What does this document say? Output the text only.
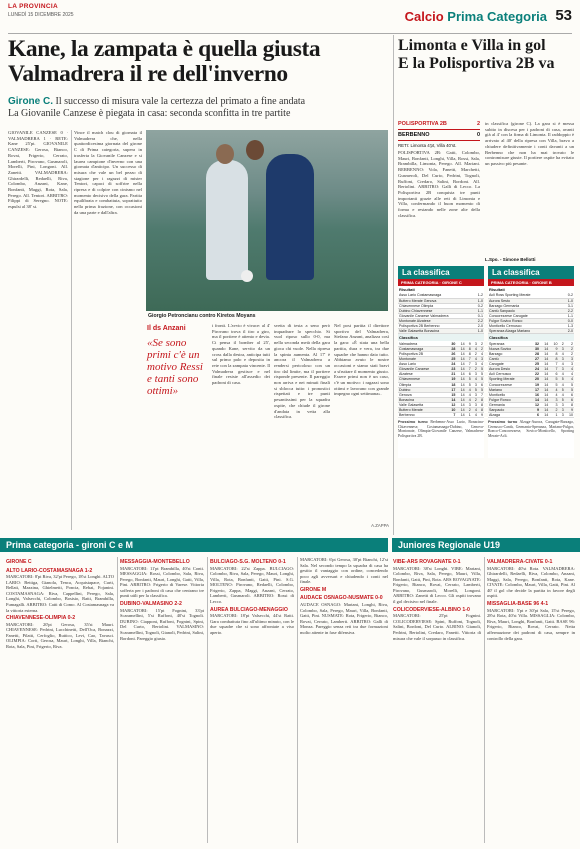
LA PROVINCIA
LUNEDÌ 15 DICEMBRE 2025	Calcio Prima Categoria 53
Kane, la zampata è quella giusta
Valmadrera il re dell'inverno
Girone C. Il successo di misura vale la certezza del primato a fine andata
La Giovanile Canzese è piegata in casa: seconda sconfitta in tre partite
GIOVANILE CANZESE 0 · VALMADRERA 1 · RETE: Kane 25'pt. GIOVANILE CANZESE: Gerosa, Bianco, Rovai, Frigerio, Cerrato, Lamberti, Pirovano, Gusmaroli, Morelli, Pini, Longoni. All. Zanetti. VALMADRERA: Ghirardelli, Redaelli, Riva, Colombo, Anzani, Kane, Bonfanti, Maggi, Rota, Sala, Perego. All. Tentori. ARBITRO: Filippi di Seregno. NOTE: espulsi al 38' st.
Vince il match clou di giornata il Valmadrera che, nella quattordicesima giornata del girone C di Prima categoria, supera in trasferta la Giovanile Canzese e si laurea campione d'inverno con una giornata d'anticipo. Un successo di misura che vale un bel pezzo di stagione per i ragazzi di mister Tentori, capaci di soffrire nella ripresa e di colpire con cinismo nel momento decisivo della gara. Partita equilibrata e combattuta, soprattutto nella prima frazione, con occasioni da una parte e dall'altra.
Giorgio Petroncianu contro Kiretos Moyans
Il ds Anzani
«Se sono primi c'è un motivo Ressi e tanti sono ottimi»
i fronti. L'avvio è vivace: al 4' Pirovano trova il tiro a giro, ma il portiere è attento e devia. Ci pensa il bomber al 25', quando Kane, servito da un cross dalla destra, anticipa tutti sul primo palo e deposita in rete con la zampata vincente. Il Valmadrera gestisce e nel finale resiste all'assedio dei padroni di casa.
svetta di testa a seno però inquadrare lo specchio. Si vuol riposo sullo 0-0, ma nella seconda metà della gara gioca chi vuole. Nella ripresa la spinta aumenta. Al 17' è ancora il Valmadrera a rendersi pericoloso con un tiro dal limite, ma il portiere risponde presente. Il pareggio non arriva e nei minuti finali si sblocca tutto: i pronostici rispettati e tre punti pesantissimi per la squadra ospite, che chiude il girone d'andata in vetta alla classifica.
Nel post partita il direttore sportivo del Valmadrera, Stefano Anzani, analizza così la gara: «È stata una bella partita, dura e vera, tra due squadre che hanno dato tutto. Abbiamo avuto le nostre occasioni e siamo stati bravi a sfruttare il momento giusto. Essere primi non è un caso, c'è un motivo: i ragazzi sono ottimi e lavorano con grande impegno ogni settimana».
A.ZAPPA
Limonta e Villa in gol
E la Polisportiva 2B va
POLISPORTIVA 2B	2
BERBENNO	0
RETI: Limonta 4'pt, Villa 40'st.
POLISPORTIVA 2B: Gatti, Colombo, Mauri, Bonfanti, Longhi, Villa, Rossi, Sala, Brambilla, Limonta, Perego. All. Mariani. BERBENNO: Vola, Fanetti, Marchetti, Gusmeroli, Del Curto, Pedrini, Tognoli, Ruffoni, Credaro, Salini, Bordoni. All. Bertolini. ARBITRO: Galli di Lecco. La Polisportiva 2B conquista tre punti importanti grazie alle reti di Limonta e Villa, confermando il buon momento di forma e restando nelle zone alte della classifica.
in classifica (girone C). La gara si è messa subito in discesa per i padroni di casa, avanti già al 4' con la firma di Limonta. Il raddoppio è arrivato al 40' della ripresa con Villa, bravo a chiudere definitivamente i conti davanti a un Berbenno che non ha mai trovato le contromisure giuste. Il portiere ospite ha evitato un passivo più pesante.
L.Spo. - Simone Bellotti
La classifica
PRIMA CATEGORIA · GIRONE C
Risultati
Asso Lario Costamasnaga	1-2
Buttero Merate Genova	1-0
Chiavennese Olimpia	0-2
Dubino Chiavennese	1-1
Giovanile Canzese Valmadrera	0-1
Montonate Alzatese	2-2
Polisportiva 2B Berbenno	2-0
Valle Galasetta Bonacina	1-0
Classifica
Valmadrera	30	14	9	3	2
Costamasnaga	28	14	8	4	2
Polisportiva 2B	26	14	8	2	4
Montonate	25	14	7	4	3
Asso Lario	24	14	7	3	4
Giovanile Canzese	23	14	7	2	5
Alzatese	21	14	6	3	5
Chiavennese	19	14	5	4	5
Olimpia	18	14	5	3	6
Dubino	17	14	4	5	5
Genova	15	14	4	3	7
Bonacina	14	14	4	2	8
Valle Galasetta	12	14	3	3	8
Buttero Merate	10	14	2	4	8
Berbenno	7	14	1	4	9
Prossimo turno Berbenno-Asso Lario, Bonacina-Chiavennese, Costamasnaga-Dubino, Genova-Montonate, Olimpia-Giovanile Canzese, Valmadrera-Polisportiva 2B.
La classifica
PRIMA CATEGORIA · GIRONE B
Risultati
Acli Ross Sporting Merate	0-2
Aurora Sesto	1-0
Barzago Germania	3-1
Cantù Sanpaolo	2-2
Concorezzese Carugate	1-1
Fulgor Sovico Ronco	0-0
Monticello Cernusco	1-3
Speranza Alzaga Mariano	2-0
Classifica
Speranza	32	14	10	2	2
Nuova Sovico	30	14	9	3	2
Barzago	28	14	8	4	2
Cantù	27	14	8	3	3
Carugate	25	14	7	4	3
Aurora Desio	24	14	7	3	4
Acli Cernusco	22	14	6	4	4
Sporting Merate	20	14	5	5	4
Concorezzese	19	14	5	4	5
Mariano	17	14	4	5	5
Monticello	16	14	4	4	6
Fulgor Ronco	14	14	3	5	6
Germania	12	14	3	3	8
Sanpaolo	9	14	2	3	9
Alzaga	6	14	1	3	10
Prossimo turno Alzaga-Aurora, Carugate-Barzago, Cernusco-Cantù, Germania-Speranza, Mariano-Fulgor, Ronco-Concorezzese, Sovico-Monticello, Sporting Merate-Acli.
Prima categoria - gironi C e M	Juniores Regionale U19
GIRONE C
ALTO LARIO-COSTAMASNAGA 1-2

MARCATORI: 8'pt Riva, 32'pt Perego, 18'st Longhi. ALTO LARIO: Bettiga, Gianola, Tenca, Acquistapace, Curti, Bellati, Mazzina, Ghielmetti, Poncia, Rebai, Fojanini. COSTAMASNAGA: Riva, Cappellini, Perego, Sala, Longhi, Valsecchi, Colombo, Bosisio, Ratti, Brambilla, Fumagalli. ARBITRO: Catti di Como. Al Costamasnaga va la vittoria esterna.

CHIAVENNESE-OLIMPIA 0-2

MARCATORI: 20'pt Gerosa, 35'st Mauri. CHIAVENNESE: Pedrini, Lucchinetti, Dell'Oca, Bonazzi, Fanetti, Pilatti, Cerfoglio, Ruttico, Levi, Cao, Tavasci. OLIMPIA: Corti, Gerosa, Mauri, Longhi, Villa, Bianchi, Rota, Sala, Pini, Frigerio, Riva.

MESSAGGIA-MONTEBELLO

MARCATORI: 11'pt Brambilla, 40'st Conti. MESSAGGIA: Rossi, Colombo, Sala, Riva, Perego, Bonfanti, Mauri, Longhi, Gatti, Villa, Pini. ARBITRO: Frigerio di Varese. Vittoria sofferta per i padroni di casa che centrano tre punti utili per la classifica.

DUBINO-VALMASINO 2-2

MARCATORI: 15'pt Fognini, 33'pt Scaramellini, 5'st Ruffoni, 40'st Tognoli. DUBINO: Ciapponi, Ruffoni, Fognini, Spini, Del Curto, Bertolini. VALMASINO: Scaramellini, Tognoli, Gianoli, Pedrini, Salini, Bordoni. Pareggio giusto.

BULCIAGO-S.G. MOLTENO 0-1

MARCATORI: 22'st Zappa. BULCIAGO: Colombo, Riva, Sala, Perego, Mauri, Longhi, Villa, Rota, Bonfanti, Gatti, Pini. S.G. MOLTENO: Pirovano, Redaelli, Colombo, Frigerio, Zappa, Maggi, Anzani, Cerrato, Lamberti, Gusmaroli. ARBITRO: Rossi di Lecco.

AUREA BULCIAGO-MENAGGIO

MARCATORI: 18'pt Valsecchi, 44'st Ratti. Gara combattuta fino all'ultimo minuto, con le due squadre che si sono affrontate a viso aperto.

MARCATORI: 6'pt Gerosa, 30'pt Bianchi, 12'st Sala. Nel secondo tempo la squadra di casa ha gestito il vantaggio con ordine, concedendo poco agli avversari e chiudendo i conti nel finale.

GIRONE M
AUDACE OSNAGO-NUSMATE 0-0

AUDACE OSNAGO: Mariani, Longhi, Riva, Colombo, Sala, Perego, Mauri, Villa, Bonfanti, Gatti, Pini. NUSMATE: Rota, Frigerio, Bianco, Rovai, Cerrato, Lamberti. ARBITRO: Galli di Monza. Pareggio senza reti tra due formazioni molto attente in fase difensiva.

VIBE-ARS ROVAGNATE 0-1

MARCATORI: 38'st Longhi. VIBE: Mariani, Colombo, Riva, Sala, Perego, Mauri, Villa, Bonfanti, Gatti, Pini, Rota. ARS ROVAGNATE: Frigerio, Bianco, Rovai, Cerrato, Lamberti, Pirovano, Gusmaroli, Morelli, Longoni. ARBITRO: Zanetti di Lecco. Gli ospiti trovano il gol decisivo nel finale.

COLICODERVIESE-ALBINO 1-0

MARCATORI: 25'pt Fognini. COLICODERVIESE: Spini, Ruffoni, Tognoli, Salini, Bordoni, Del Curto. ALBINO: Gianoli, Pedrini, Bertolini, Credaro, Fanetti. Vittoria di misura che vale il sorpasso in classifica.

VALMADRERA-CIVATE 0-1

MARCATORI: 40'st Rota. VALMADRERA: Ghirardelli, Redaelli, Riva, Colombo, Anzani, Maggi, Sala, Perego, Bonfanti, Rota, Kane. CIVATE: Colombo, Mauri, Villa, Gatti, Pini. Al 40' il gol che decide la partita in favore degli ospiti.

MISSAGLIA-BASE 96 4-1

MARCATORI: 5'pt e 30'pt Sala, 15'st Perego, 28'st Rota, 40'st Villa. MISSAGLIA: Colombo, Riva, Mauri, Longhi, Bonfanti, Gatti. BASE 96: Frigerio, Bianco, Rovai, Cerrato. Netta affermazione dei padroni di casa, sempre in controllo della gara.
